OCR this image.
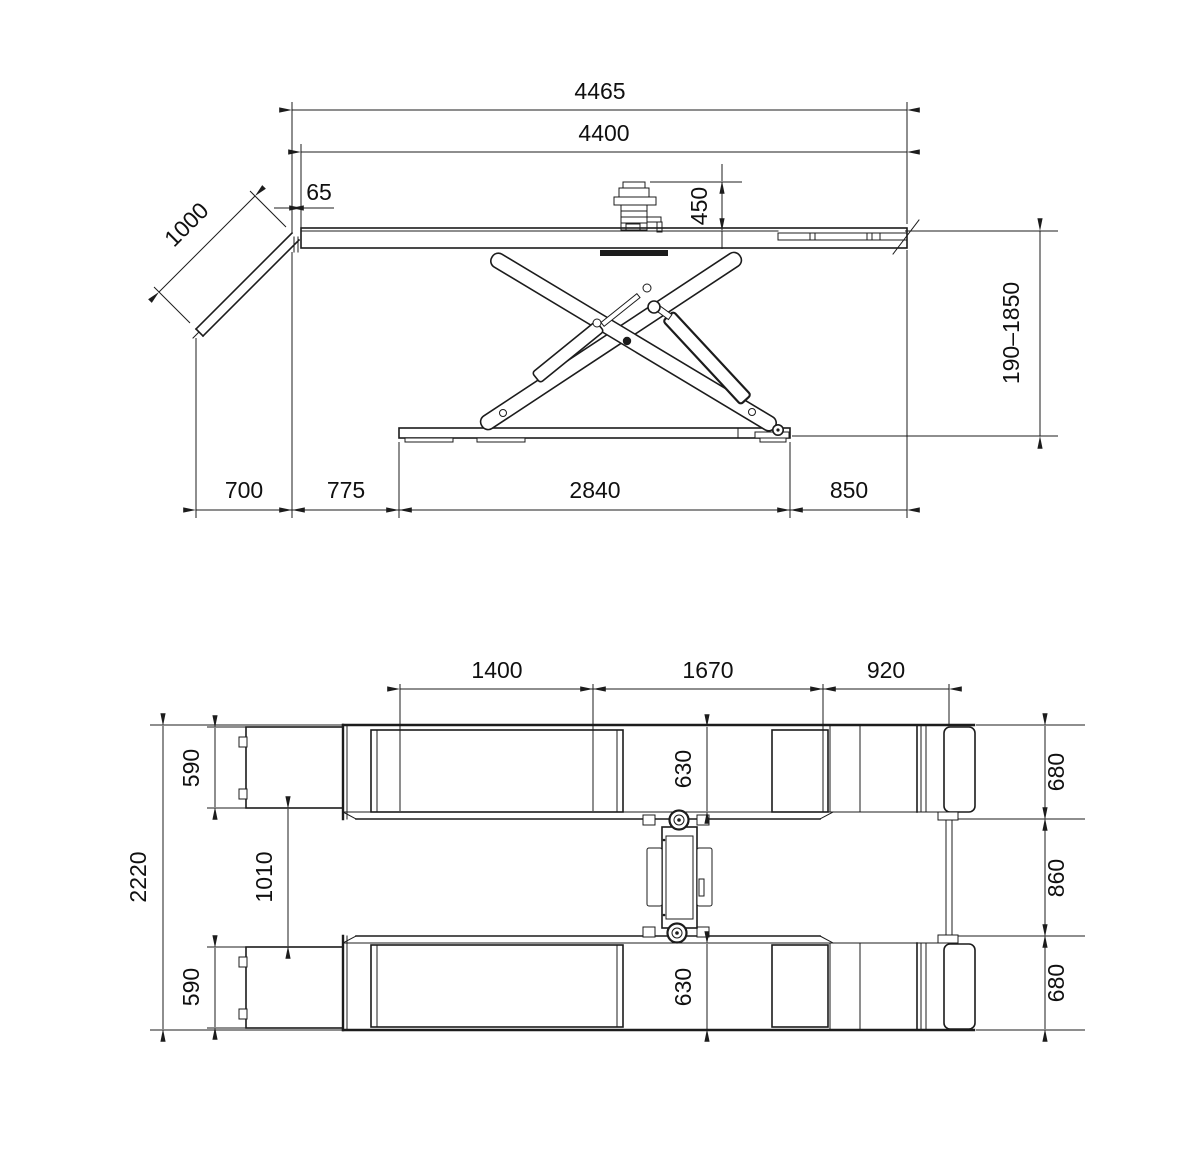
4465
4400
65	450
1000
190–1850
700	775	2840	850
1400	1670	920
2220
590
1010
590
630
630
680
860
680
